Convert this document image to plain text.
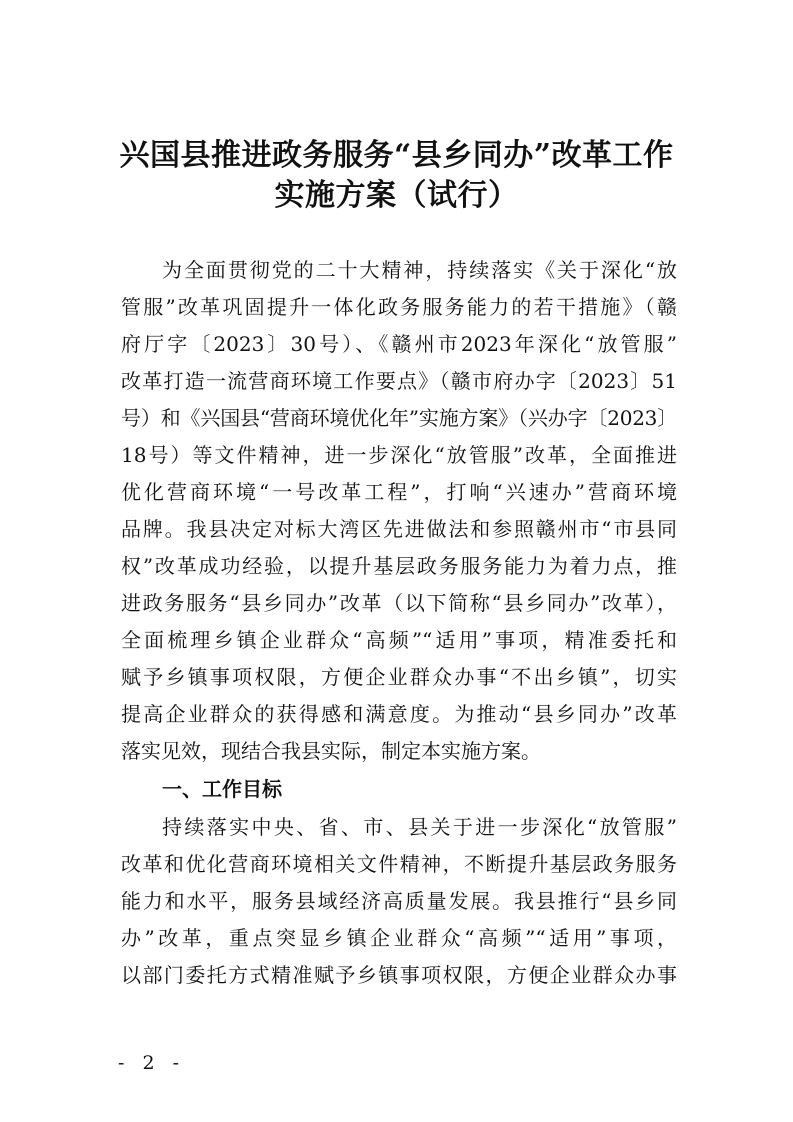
兴国县推进政务服务“县乡同办”改革工作
实施方案（试行）
为全面贯彻党的二十大精神，持续落实《关于深化“放
管服”改革巩固提升一体化政务服务能力的若干措施》（赣
府厅字〔2023〕30号）、《赣州市2023年深化“放管服”
改革打造一流营商环境工作要点》（赣市府办字〔2023〕51
号）和《兴国县“营商环境优化年”实施方案》（兴办字〔2023〕
18号）等文件精神，进一步深化“放管服”改革，全面推进
优化营商环境“一号改革工程”，打响“兴速办”营商环境
品牌。我县决定对标大湾区先进做法和参照赣州市“市县同
权”改革成功经验，以提升基层政务服务能力为着力点，推
进政务服务“县乡同办”改革（以下简称“县乡同办”改革），
全面梳理乡镇企业群众“高频”“适用”事项，精准委托和
赋予乡镇事项权限，方便企业群众办事“不出乡镇”，切实
提高企业群众的获得感和满意度。为推动“县乡同办”改革
落实见效，现结合我县实际，制定本实施方案。
一、工作目标
持续落实中央、省、市、县关于进一步深化“放管服”
改革和优化营商环境相关文件精神，不断提升基层政务服务
能力和水平，服务县域经济高质量发展。我县推行“县乡同
办”改革，重点突显乡镇企业群众“高频”“适用”事项，
以部门委托方式精准赋予乡镇事项权限，方便企业群众办事
- 2 -
